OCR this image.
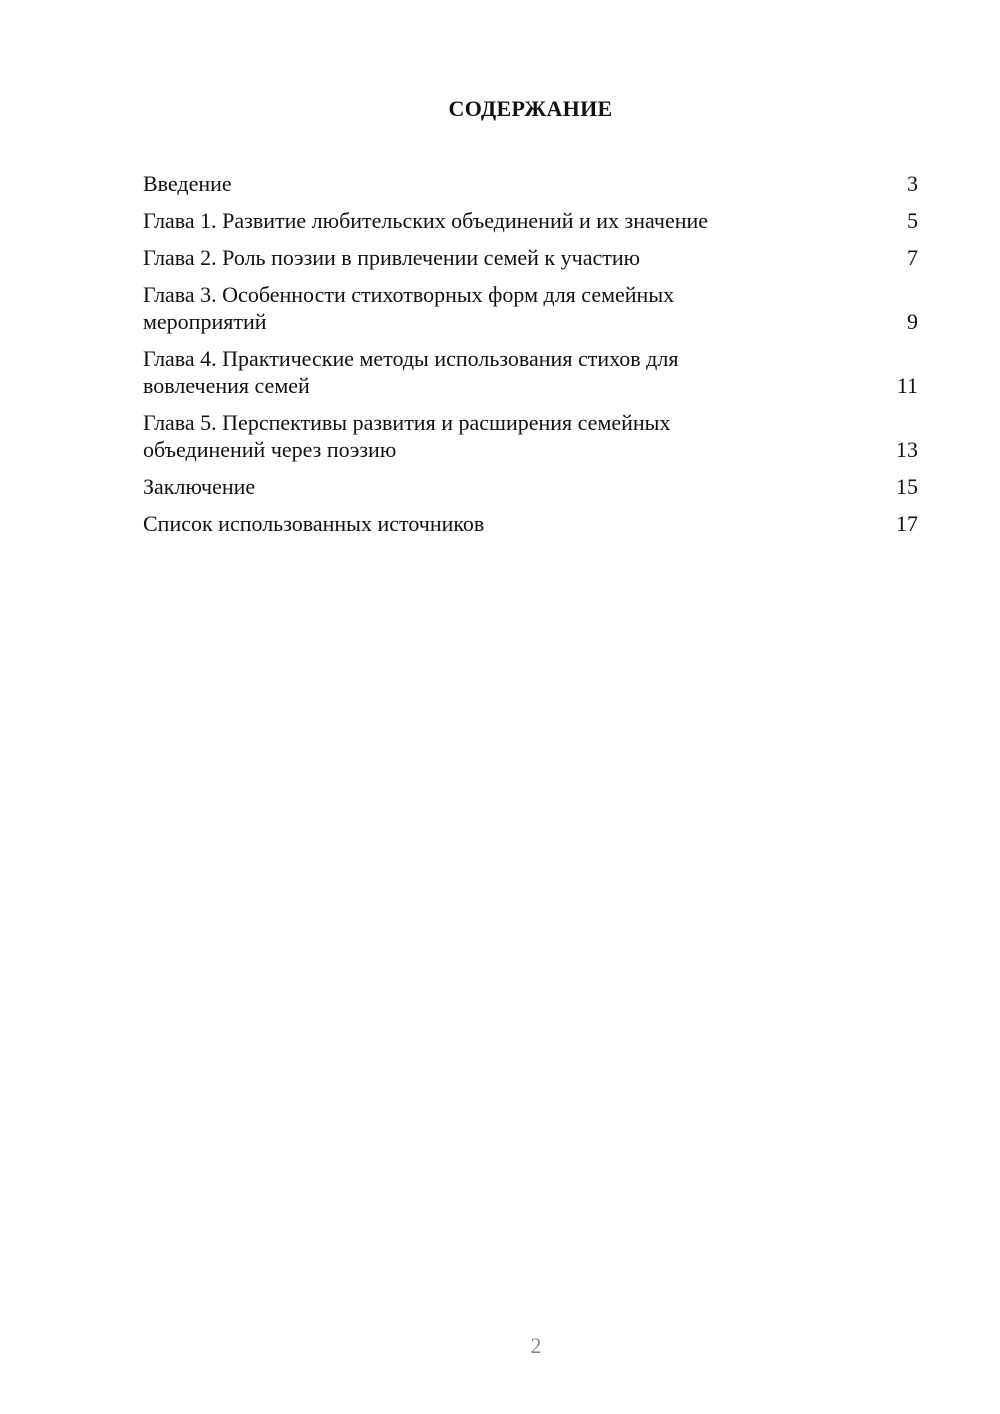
СОДЕРЖАНИЕ
Введение	3
Глава 1. Развитие любительских объединений и их значение	5
Глава 2. Роль поэзии в привлечении семей к участию	7
Глава 3. Особенности стихотворных форм для семейных
мероприятий	9
Глава 4. Практические методы использования стихов для
вовлечения семей	11
Глава 5. Перспективы развития и расширения семейных
объединений через поэзию	13
Заключение	15
Список использованных источников	17
2
